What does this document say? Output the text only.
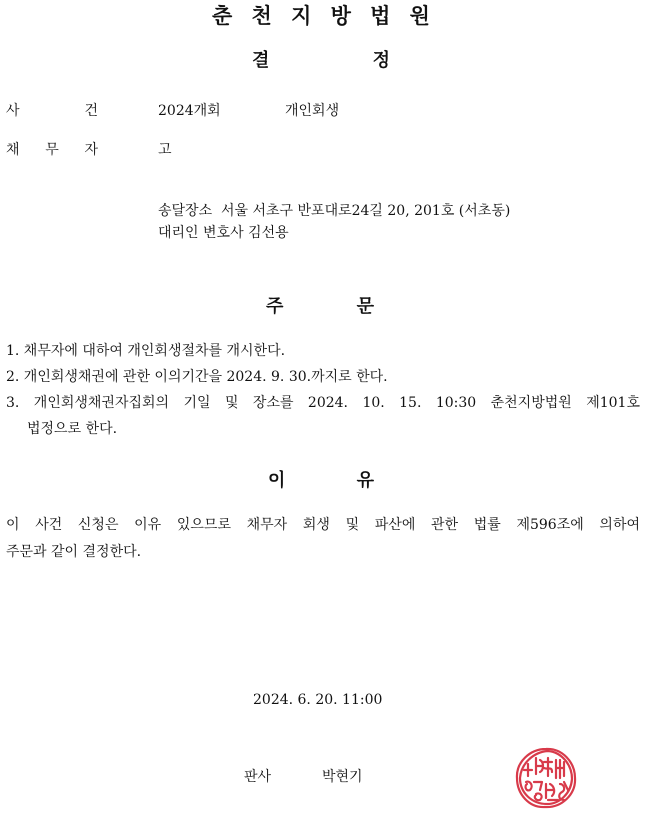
춘 천 지 방 법 원
결	정
사	건	2024개회	개인회생
채 무 자	고
송달장소  서울 서초구 반포대로24길 20, 201호 (서초동)
대리인 변호사 김선용
주	문
1. 채무자에 대하여 개인회생절차를 개시한다.
2. 개인회생채권에 관한 이의기간을 2024. 9. 30.까지로 한다.
3. 개인회생채권자집회의 기일 및 장소를 2024. 10. 15. 10:30 춘천지방법원 제101호
법정으로 한다.
이	유
이 사건 신청은 이유 있으므로 채무자 회생 및 파산에 관한 법률 제596조에 의하여
주문과 같이 결정한다.
2024. 6. 20. 11:00
판사	박현기
